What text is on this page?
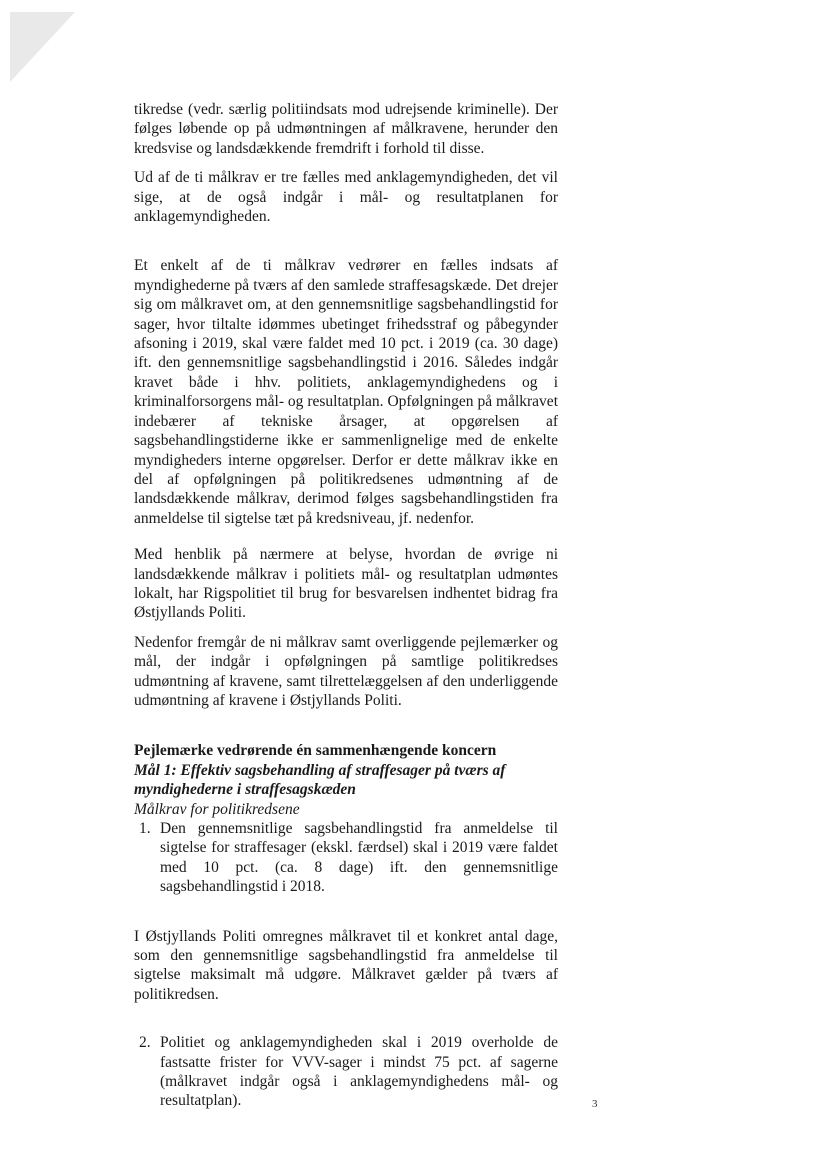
tikredse (vedr. særlig politiindsats mod udrejsende kriminelle). Der følges løbende op på udmøntningen af målkravene, herunder den kredsvise og landsdækkende fremdrift i forhold til disse.

Ud af de ti målkrav er tre fælles med anklagemyndigheden, det vil sige, at de også indgår i mål- og resultatplanen for anklagemyndigheden.

Et enkelt af de ti målkrav vedrører en fælles indsats af myndighederne på tværs af den samlede straffesagskæde. Det drejer sig om målkravet om, at den gennemsnitlige sagsbehandlingstid for sager, hvor tiltalte idømmes ubetinget frihedsstraf og påbegynder afsoning i 2019, skal være faldet med 10 pct. i 2019 (ca. 30 dage) ift. den gennemsnitlige sagsbehandlingstid i 2016. Således indgår kravet både i hhv. politiets, anklagemyndighedens og i kriminalforsorgens mål- og resultatplan. Opfølgningen på målkravet indebærer af tekniske årsager, at opgørelsen af sagsbehandlingstiderne ikke er sammenlignelige med de enkelte myndigheders interne opgørelser. Derfor er dette målkrav ikke en del af opfølgningen på politikredsenes udmøntning af de landsdækkende målkrav, derimod følges sagsbehandlingstiden fra anmeldelse til sigtelse tæt på kredsniveau, jf. nedenfor.

Med henblik på nærmere at belyse, hvordan de øvrige ni landsdækkende målkrav i politiets mål- og resultatplan udmøntes lokalt, har Rigspolitiet til brug for besvarelsen indhentet bidrag fra Østjyllands Politi.

Nedenfor fremgår de ni målkrav samt overliggende pejlemærker og mål, der indgår i opfølgningen på samtlige politikredses udmøntning af kravene, samt tilrettelæggelsen af den underliggende udmøntning af kravene i Østjyllands Politi.

Pejlemærke vedrørende én sammenhængende koncern
Mål 1: Effektiv sagsbehandling af straffesager på tværs af myndighederne i straffesagskæden
Målkrav for politikredsene
1. Den gennemsnitlige sagsbehandlingstid fra anmeldelse til sigtelse for straffesager (ekskl. færdsel) skal i 2019 være faldet med 10 pct. (ca. 8 dage) ift. den gennemsnitlige sagsbehandlingstid i 2018.

I Østjyllands Politi omregnes målkravet til et konkret antal dage, som den gennemsnitlige sagsbehandlingstid fra anmeldelse til sigtelse maksimalt må udgøre. Målkravet gælder på tværs af politikredsen.

2. Politiet og anklagemyndigheden skal i 2019 overholde de fastsatte frister for VVV-sager i mindst 75 pct. af sagerne (målkravet indgår også i anklagemyndighedens mål- og resultatplan).	3
